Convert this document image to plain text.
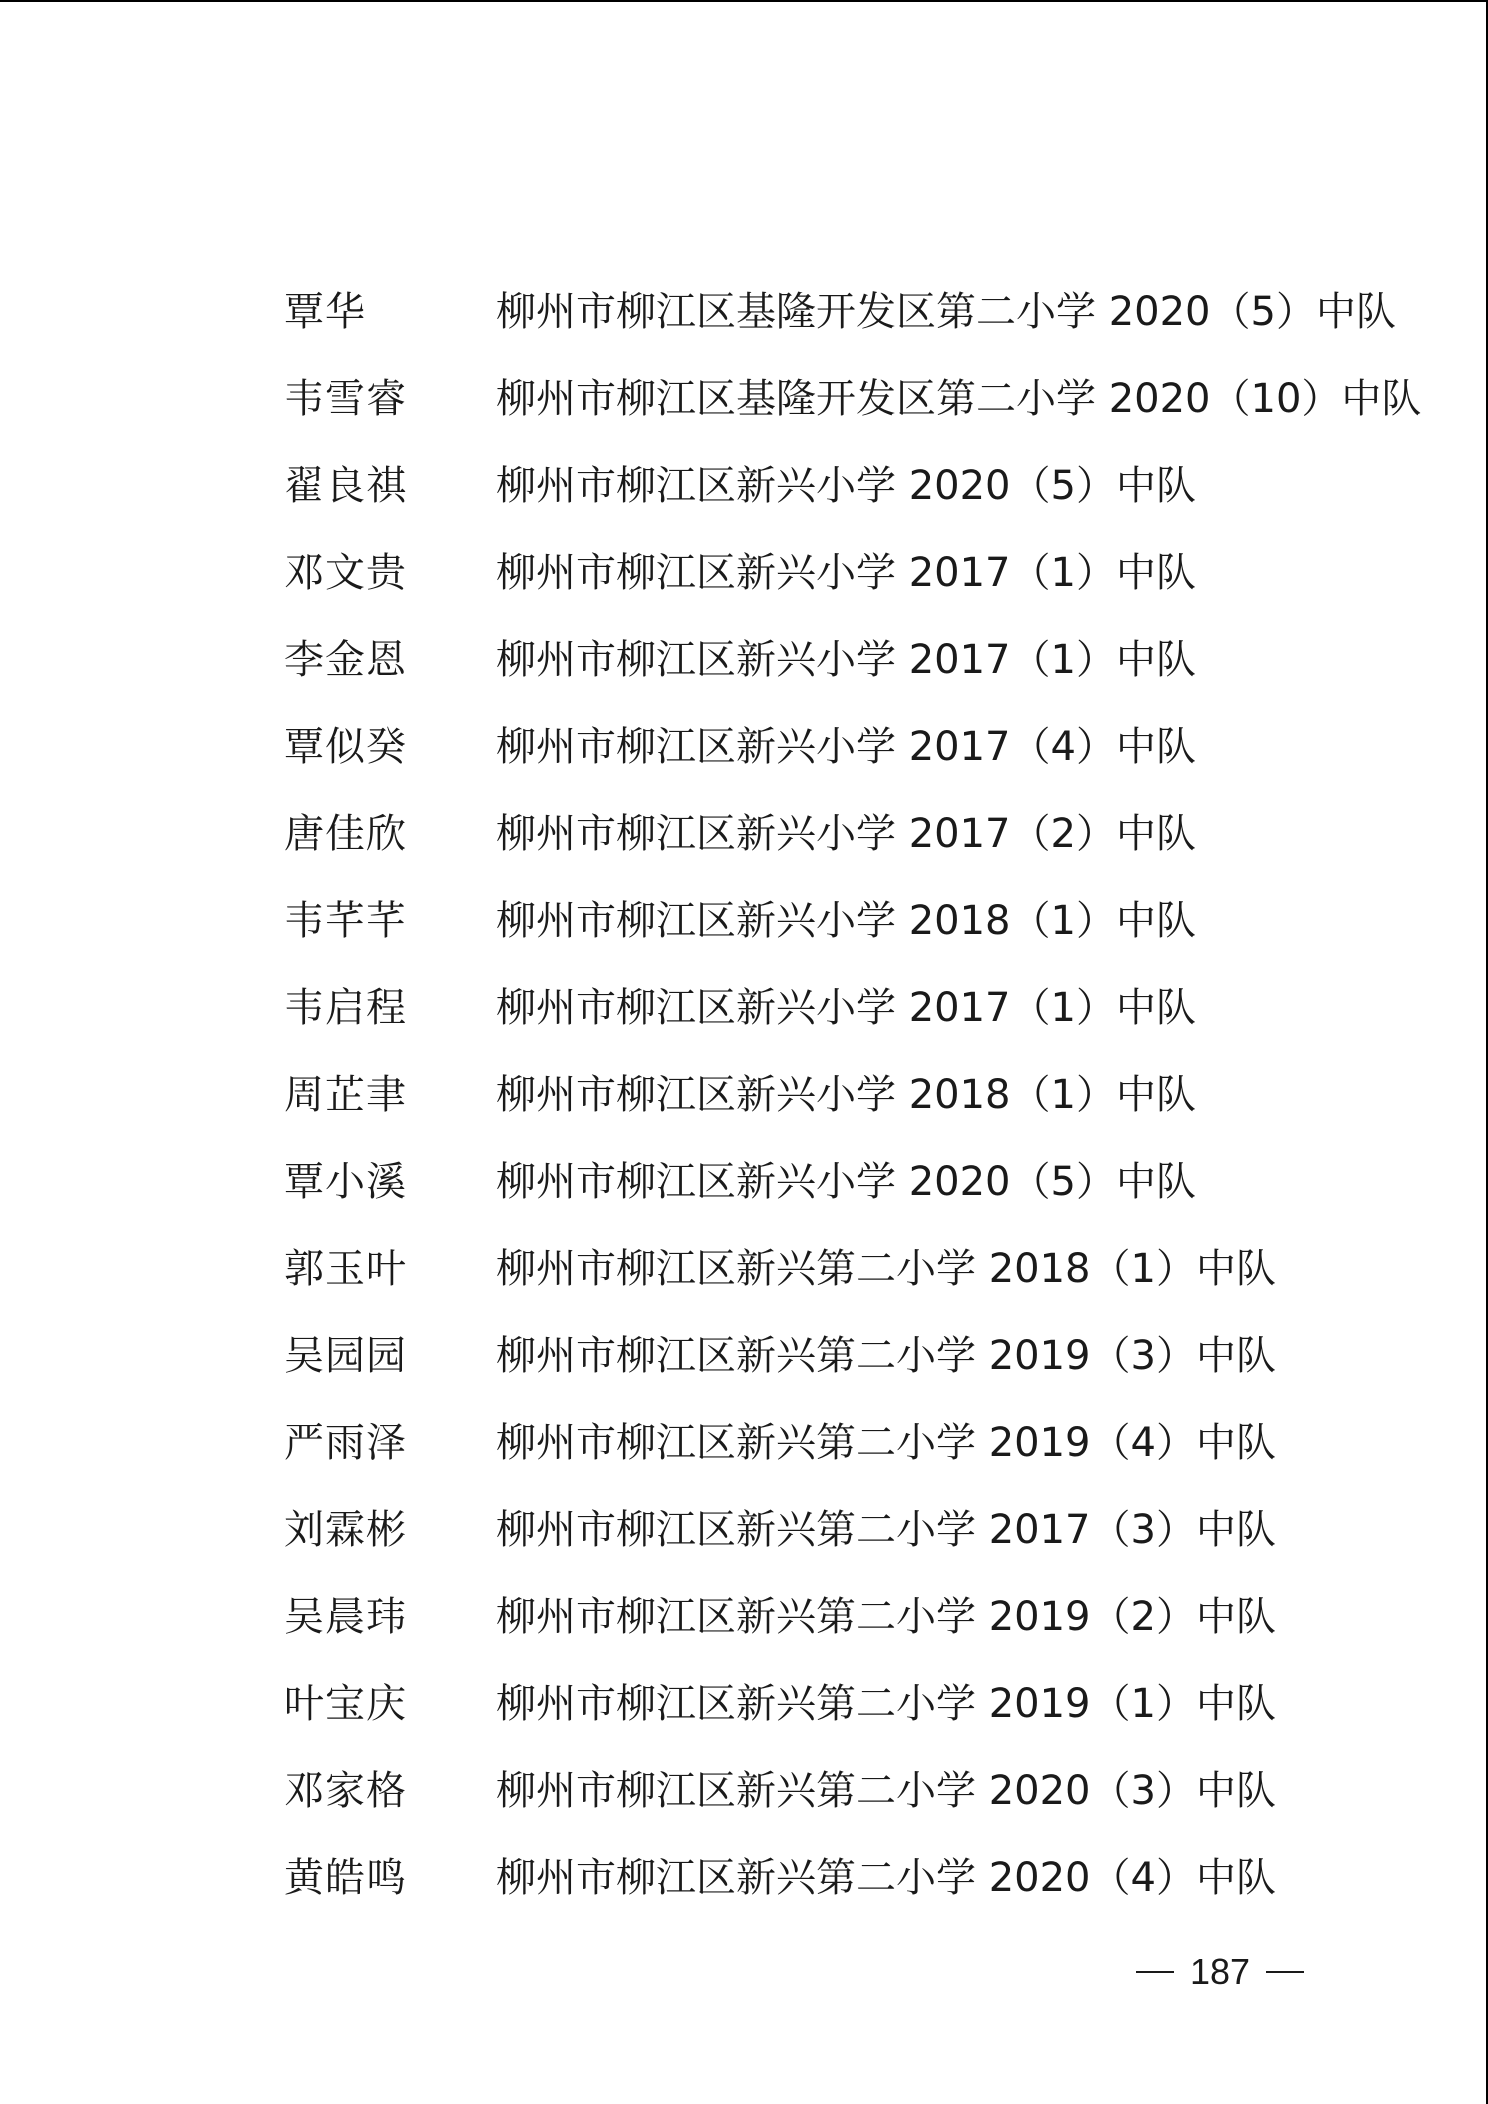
覃华	柳州市柳江区基隆开发区第二小学 2020（5）中队
韦雪睿	柳州市柳江区基隆开发区第二小学 2020（10）中队
翟良祺	柳州市柳江区新兴小学 2020（5）中队
邓文贵	柳州市柳江区新兴小学 2017（1）中队
李金恩	柳州市柳江区新兴小学 2017（1）中队
覃似癸	柳州市柳江区新兴小学 2017（4）中队
唐佳欣	柳州市柳江区新兴小学 2017（2）中队
韦芊芊	柳州市柳江区新兴小学 2018（1）中队
韦启程	柳州市柳江区新兴小学 2017（1）中队
周芷聿	柳州市柳江区新兴小学 2018（1）中队
覃小溪	柳州市柳江区新兴小学 2020（5）中队
郭玉叶	柳州市柳江区新兴第二小学 2018（1）中队
吴园园	柳州市柳江区新兴第二小学 2019（3）中队
严雨泽	柳州市柳江区新兴第二小学 2019（4）中队
刘霖彬	柳州市柳江区新兴第二小学 2017（3）中队
吴晨玮	柳州市柳江区新兴第二小学 2019（2）中队
叶宝庆	柳州市柳江区新兴第二小学 2019（1）中队
邓家格	柳州市柳江区新兴第二小学 2020（3）中队
黄皓鸣	柳州市柳江区新兴第二小学 2020（4）中队
187
